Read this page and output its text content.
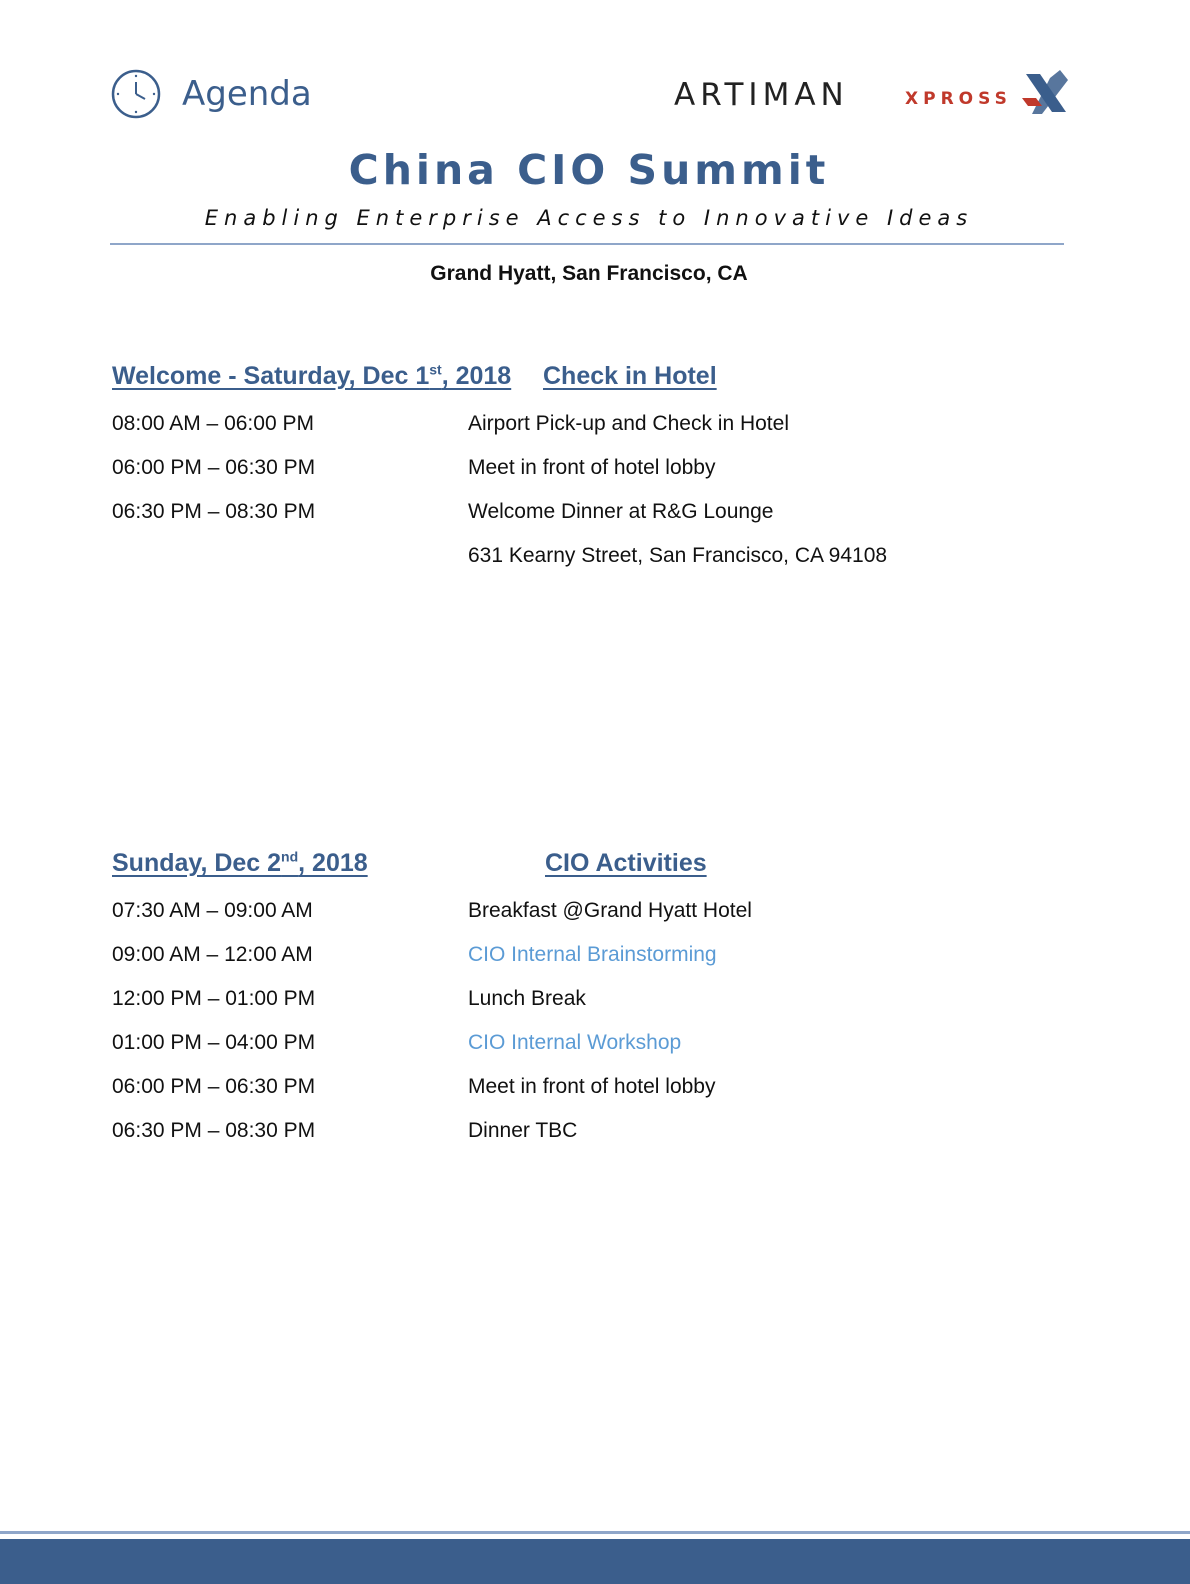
Agenda	ARTIMAN	XPROSS
China CIO Summit
Enabling Enterprise Access to Innovative Ideas
Grand Hyatt, San Francisco, CA
Welcome - Saturday, Dec 1st, 2018 Check in Hotel
08:00 AM – 06:00 PM	Airport Pick-up and Check in Hotel
06:00 PM – 06:30 PM	Meet in front of hotel lobby
06:30 PM – 08:30 PM	Welcome Dinner at R&G Lounge
631 Kearny Street, San Francisco, CA 94108
Sunday, Dec 2nd, 2018	CIO Activities
07:30 AM – 09:00 AM	Breakfast @Grand Hyatt Hotel
09:00 AM – 12:00 AM	CIO Internal Brainstorming
12:00 PM – 01:00 PM	Lunch Break
01:00 PM – 04:00 PM	CIO Internal Workshop
06:00 PM – 06:30 PM	Meet in front of hotel lobby
06:30 PM – 08:30 PM	Dinner TBC
